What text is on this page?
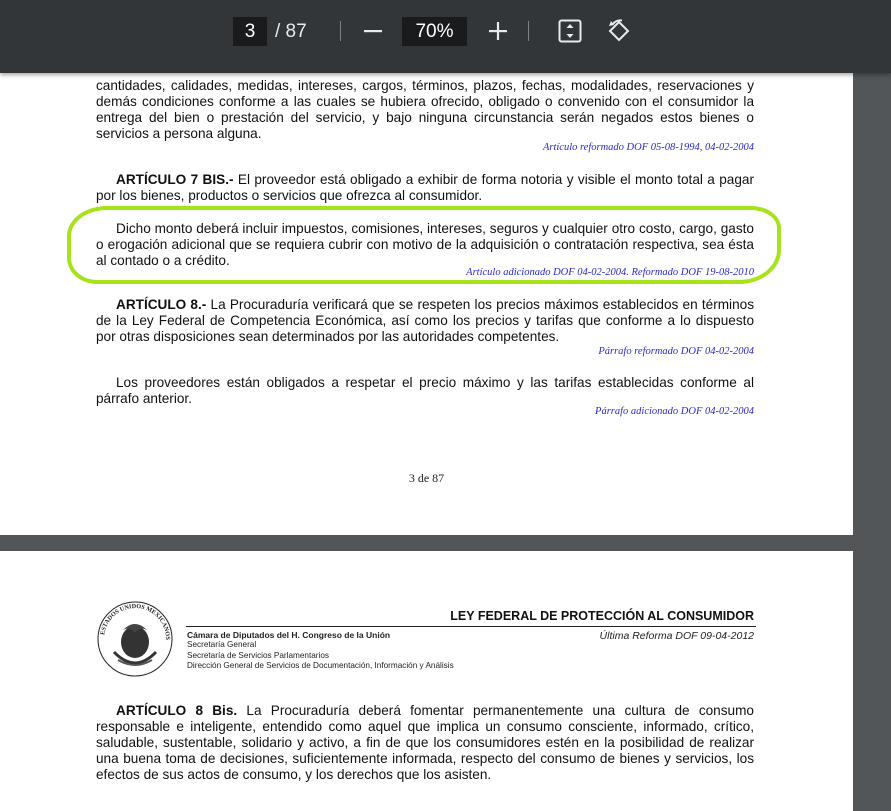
cantidades, calidades, medidas, intereses, cargos, términos, plazos, fechas, modalidades, reservaciones y demás condiciones conforme a las cuales se hubiera ofrecido, obligado o convenido con el consumidor la entrega del bien o prestación del servicio, y bajo ninguna circunstancia serán negados estos bienes o servicios a persona alguna.
Artículo reformado DOF 05-08-1994, 04-02-2004
ARTÍCULO 7 BIS.- El proveedor está obligado a exhibir de forma notoria y visible el monto total a pagar por los bienes, productos o servicios que ofrezca al consumidor.
Dicho monto deberá incluir impuestos, comisiones, intereses, seguros y cualquier otro costo, cargo, gasto o erogación adicional que se requiera cubrir con motivo de la adquisición o contratación respectiva, sea ésta al contado o a crédito.
Artículo adicionado DOF 04-02-2004. Reformado DOF 19-08-2010
ARTÍCULO 8.- La Procuraduría verificará que se respeten los precios máximos establecidos en términos de la Ley Federal de Competencia Económica, así como los precios y tarifas que conforme a lo dispuesto por otras disposiciones sean determinados por las autoridades competentes.
Párrafo reformado DOF 04-02-2004
Los proveedores están obligados a respetar el precio máximo y las tarifas establecidas conforme al párrafo anterior.
Párrafo adicionado DOF 04-02-2004
3 de 87
ESTADOS UNIDOS MEXICANOS
LEY FEDERAL DE PROTECCIÓN AL CONSUMIDOR
Cámara de Diputados del H. Congreso de la Unión
Secretaría General
Secretaría de Servicios Parlamentarios
Dirección General de Servicios de Documentación, Información y Análisis
Última Reforma DOF 09-04-2012
ARTÍCULO 8 Bis. La Procuraduría deberá fomentar permanentemente una cultura de consumo responsable e inteligente, entendido como aquel que implica un consumo consciente, informado, crítico, saludable, sustentable, solidario y activo, a fin de que los consumidores estén en la posibilidad de realizar una buena toma de decisiones, suficientemente informada, respecto del consumo de bienes y servicios, los efectos de sus actos de consumo, y los derechos que los asisten.
3	/ 87	70%
